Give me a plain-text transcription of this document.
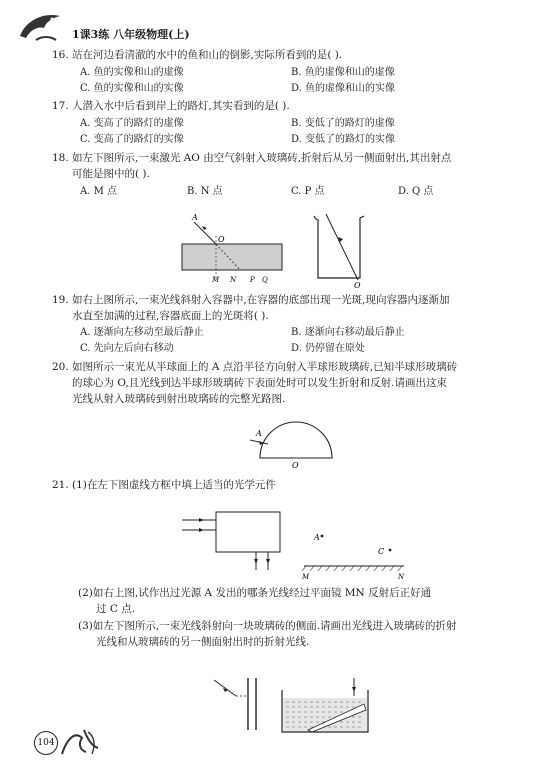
1课3练 八年级物理(上)
16. 站在河边看清澈的水中的鱼和山的倒影,实际所看到的是( ).
A. 鱼的实像和山的虚像	B. 鱼的虚像和山的虚像
C. 鱼的实像和山的实像	D. 鱼的虚像和山的实像
17. 人潜入水中后看到岸上的路灯,其实看到的是( ).
A. 变高了的路灯的虚像	B. 变低了的路灯的虚像
C. 变高了的路灯的实像	D. 变低了的路灯的实像
18. 如左下图所示,一束激光 AO 由空气斜射入玻璃砖,折射后从另一侧面射出,其出射点
可能是图中的( ).
A. M 点	B. N 点	C. P 点	D. Q 点
A
O
M N P Q
O
19. 如右上图所示,一束光线斜射入容器中,在容器的底部出现一光斑,现向容器内逐渐加
水直至加满的过程,容器底面上的光斑将( ).
A. 逐渐向左移动至最后静止	B. 逐渐向右移动最后静止
C. 先向左后向右移动	D. 仍停留在原处
20. 如图所示一束光从半球面上的 A 点沿半径方向射入半球形玻璃砖,已知半球形玻璃砖
的球心为 O,且光线到达半球形玻璃砖下表面处时可以发生折射和反射.请画出这束
光线从射入玻璃砖到射出玻璃砖的完整光路图.
A
O
21. (1)在左下图虚线方框中填上适当的光学元件
A
C
M	N
(2)如右上图,试作出过光源 A 发出的哪条光线经过平面镜 MN 反射后正好通
过 C 点.
(3)如左下图所示,一束光线斜射向一块玻璃砖的侧面.请画出光线进入玻璃砖的折射
光线和从玻璃砖的另一侧面射出时的折射光线.
104
